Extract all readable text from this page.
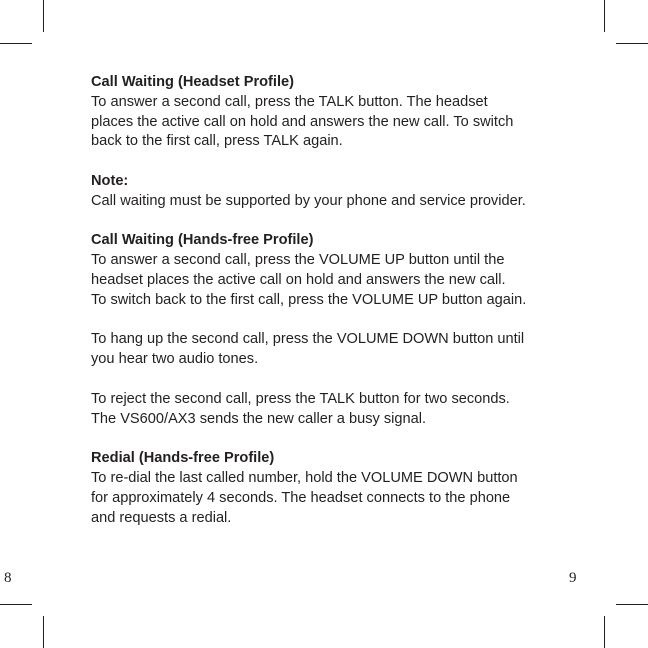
Call Waiting (Headset Profile)
To answer a second call, press the TALK button. The headset
places the active call on hold and answers the new call. To switch
back to the first call, press TALK again.
Note:
Call waiting must be supported by your phone and service provider.
Call Waiting (Hands-free Profile)
To answer a second call, press the VOLUME UP button until the
headset places the active call on hold and answers the new call.
To switch back to the first call, press the VOLUME UP button again.
To hang up the second call, press the VOLUME DOWN button until
you hear two audio tones.
To reject the second call, press the TALK button for two seconds.
The VS600/AX3 sends the new caller a busy signal.
Redial (Hands-free Profile)
To re-dial the last called number, hold the VOLUME DOWN button
for approximately 4 seconds. The headset connects to the phone
and requests a redial.
8	9
